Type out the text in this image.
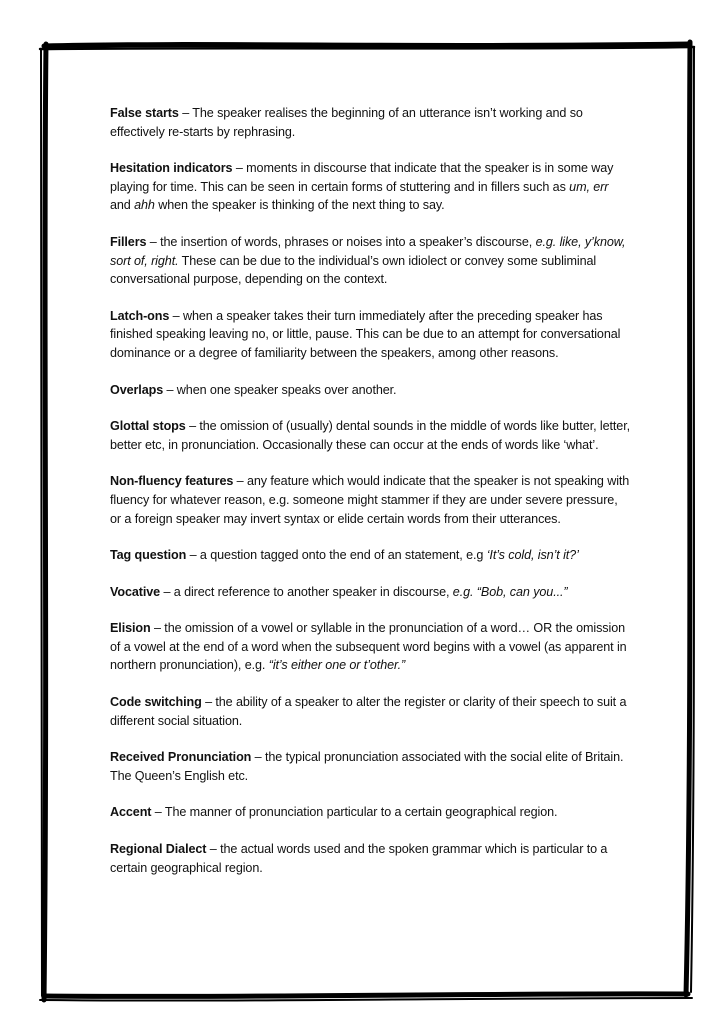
False starts – The speaker realises the beginning of an utterance isn’t working and so effectively re-starts by rephrasing.

Hesitation indicators – moments in discourse that indicate that the speaker is in some way playing for time. This can be seen in certain forms of stuttering and in fillers such as um, err and ahh when the speaker is thinking of the next thing to say.

Fillers – the insertion of words, phrases or noises into a speaker’s discourse, e.g. like, y’know, sort of, right. These can be due to the individual’s own idiolect or convey some subliminal conversational purpose, depending on the context.

Latch-ons – when a speaker takes their turn immediately after the preceding speaker has finished speaking leaving no, or little, pause. This can be due to an attempt for conversational dominance or a degree of familiarity between the speakers, among other reasons.

Overlaps – when one speaker speaks over another.

Glottal stops – the omission of (usually) dental sounds in the middle of words like butter, letter, better etc, in pronunciation. Occasionally these can occur at the ends of words like ‘what’.

Non-fluency features – any feature which would indicate that the speaker is not speaking with fluency for whatever reason, e.g. someone might stammer if they are under severe pressure, or a foreign speaker may invert syntax or elide certain words from their utterances.

Tag question – a question tagged onto the end of an statement, e.g ‘It’s cold, isn’t it?’

Vocative – a direct reference to another speaker in discourse, e.g. “Bob, can you...”

Elision – the omission of a vowel or syllable in the pronunciation of a word… OR the omission of a vowel at the end of a word when the subsequent word begins with a vowel (as apparent in northern pronunciation), e.g. “it’s either one or t’other.”

Code switching – the ability of a speaker to alter the register or clarity of their speech to suit a different social situation.

Received Pronunciation – the typical pronunciation associated with the social elite of Britain. The Queen’s English etc.

Accent – The manner of pronunciation particular to a certain geographical region.

Regional Dialect – the actual words used and the spoken grammar which is particular to a certain geographical region.
